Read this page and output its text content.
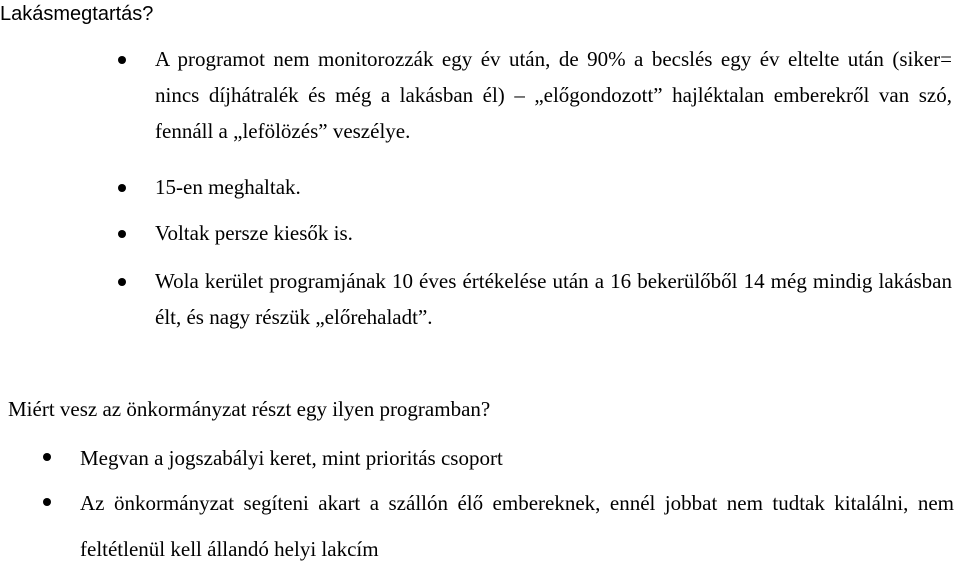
Lakásmegtartás?
A programot nem monitorozzák egy év után, de 90% a becslés egy év eltelte után (siker= nincs díjhátralék és még a lakásban él) – „előgondozott” hajléktalan emberekről van szó, fennáll a „lefölözés” veszélye.
15-en meghaltak.
Voltak persze kiesők is.
Wola kerület programjának 10 éves értékelése után a 16 bekerülőből 14 még mindig lakásban élt, és nagy részük „előrehaladt”.
Miért vesz az önkormányzat részt egy ilyen programban?
Megvan a jogszabályi keret, mint prioritás csoport
Az önkormányzat segíteni akart a szállón élő embereknek, ennél jobbat nem tudtak kitalálni, nem feltétlenül kell állandó helyi lakcím
